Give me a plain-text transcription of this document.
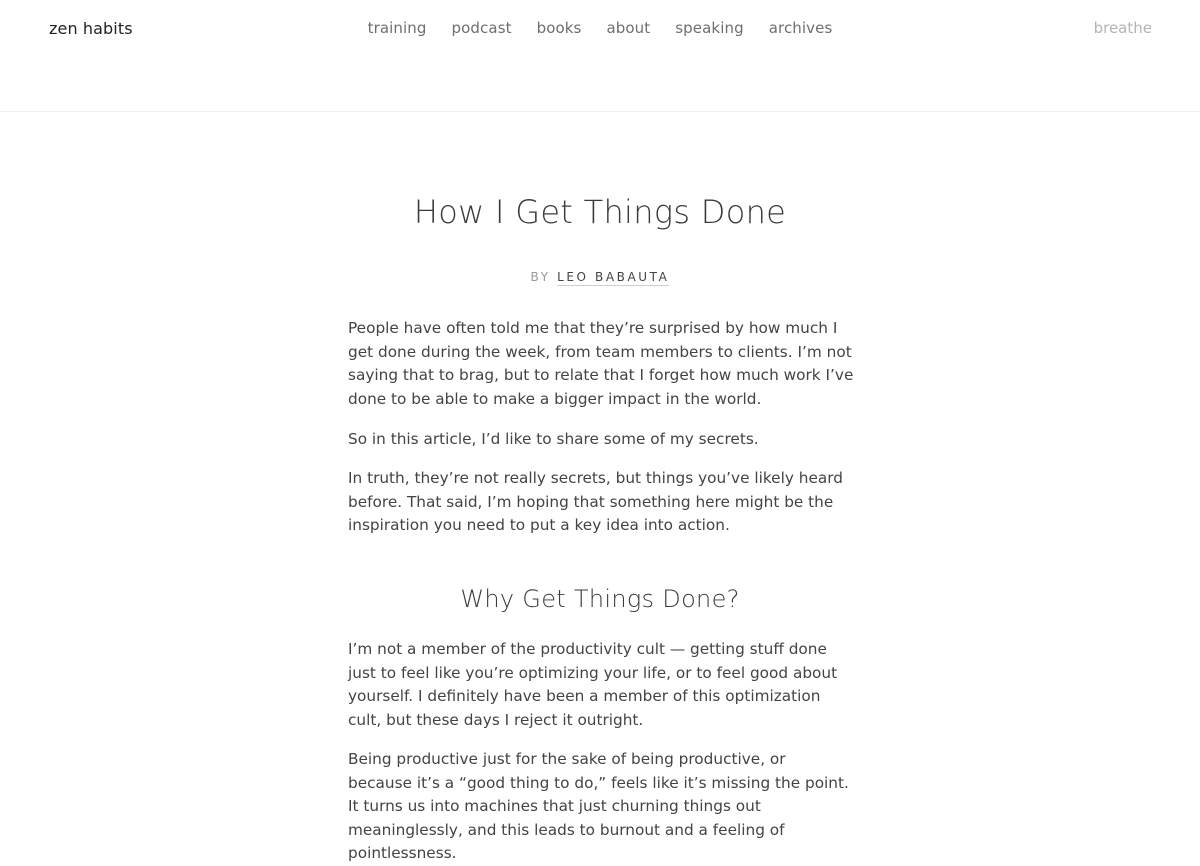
zen habits	training podcast books about speaking archives	breathe
How I Get Things Done
BY LEO BABAUTA

People have often told me that they’re surprised by how much I get done during the week, from team members to clients. I’m not saying that to brag, but to relate that I forget how much work I’ve done to be able to make a bigger impact in the world.

So in this article, I’d like to share some of my secrets.

In truth, they’re not really secrets, but things you’ve likely heard before. That said, I’m hoping that something here might be the inspiration you need to put a key idea into action.

Why Get Things Done?

I’m not a member of the productivity cult — getting stuff done just to feel like you’re optimizing your life, or to feel good about yourself. I definitely have been a member of this optimization cult, but these days I reject it outright.

Being productive just for the sake of being productive, or because it’s a “good thing to do,” feels like it’s missing the point. It turns us into machines that just churning things out meaninglessly, and this leads to burnout and a feeling of pointlessness.
